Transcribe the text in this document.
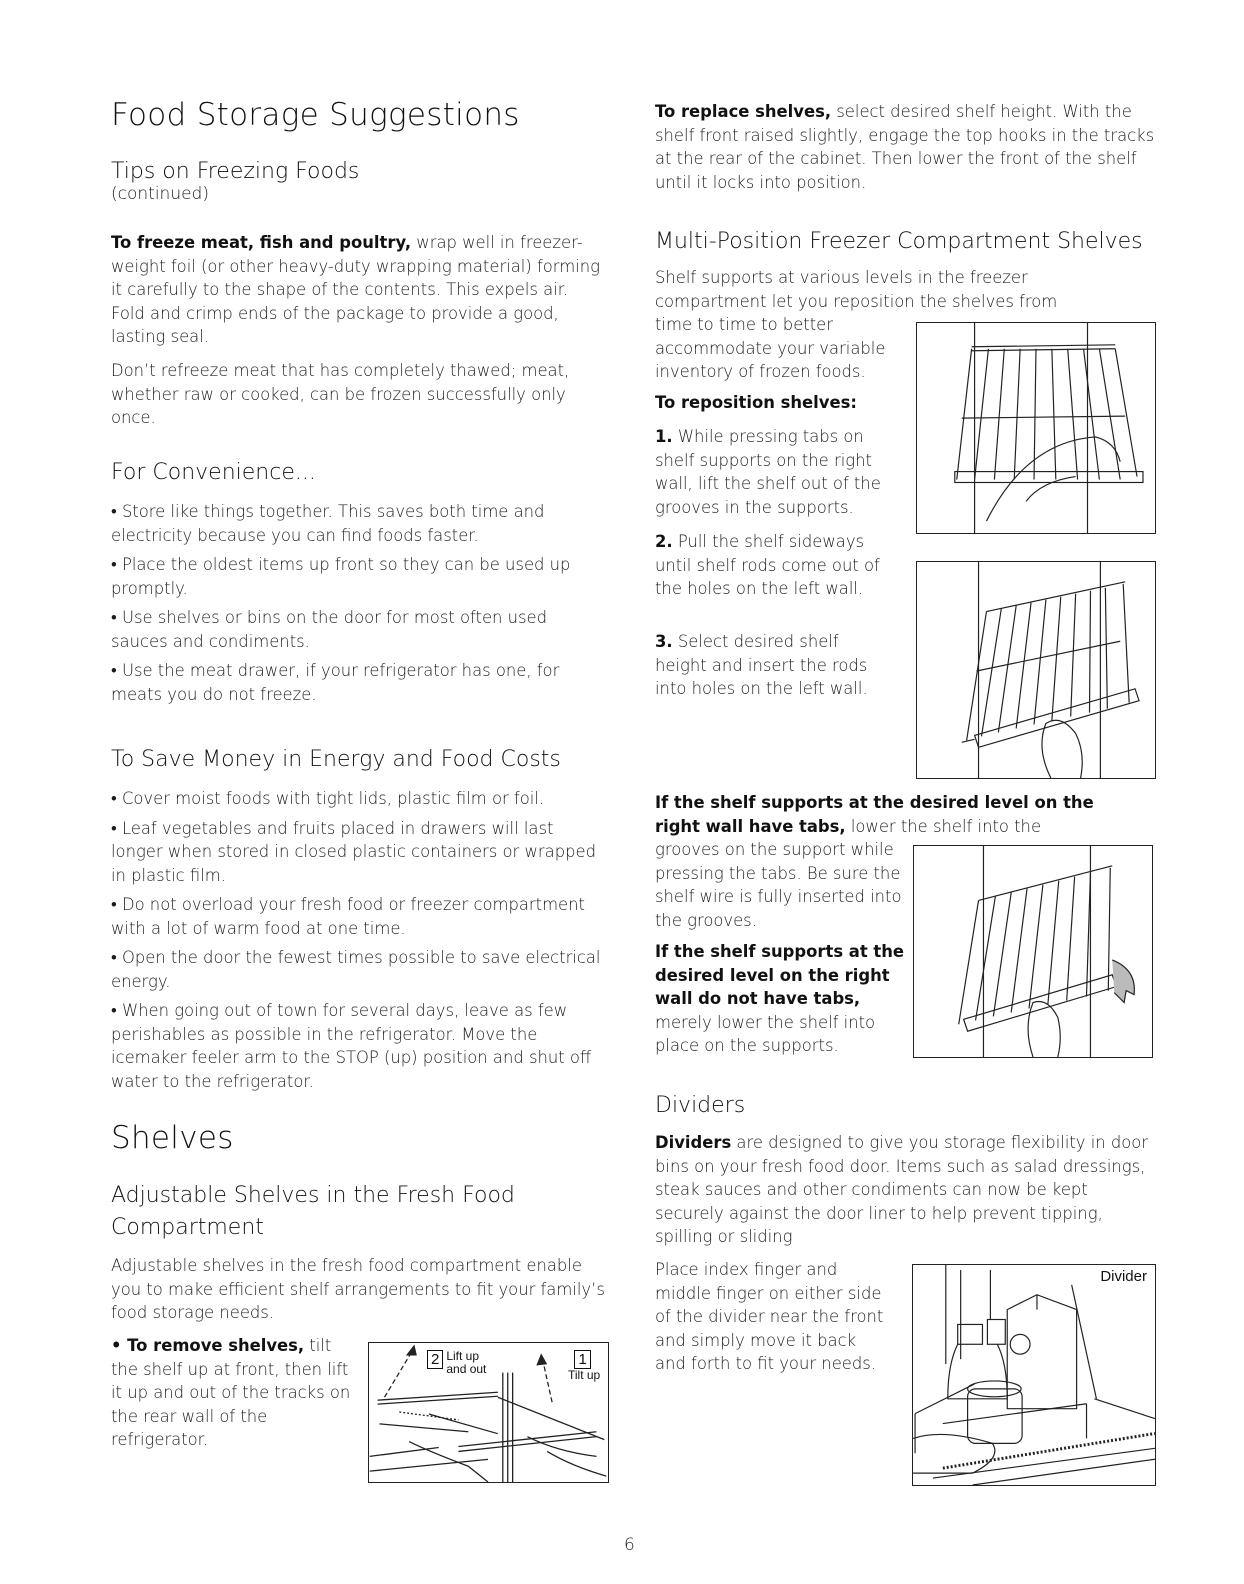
Food Storage Suggestions
Tips on Freezing Foods
(continued)

To freeze meat, fish and poultry, wrap well in freezer-weight foil (or other heavy-duty wrapping material) forming it carefully to the shape of the contents. This expels air. Fold and crimp ends of the package to provide a good, lasting seal.

Don’t refreeze meat that has completely thawed; meat, whether raw or cooked, can be frozen successfully only once.

For Convenience...

• Store like things together. This saves both time and electricity because you can find foods faster.

• Place the oldest items up front so they can be used up promptly.

• Use shelves or bins on the door for most often used sauces and condiments.

• Use the meat drawer, if your refrigerator has one, for meats you do not freeze.

To Save Money in Energy and Food Costs

• Cover moist foods with tight lids, plastic film or foil.

• Leaf vegetables and fruits placed in drawers will last longer when stored in closed plastic containers or wrapped in plastic film.

• Do not overload your fresh food or freezer compartment with a lot of warm food at one time.

• Open the door the fewest times possible to save electrical energy.

• When going out of town for several days, leave as few perishables as possible in the refrigerator. Move the icemaker feeler arm to the STOP (up) position and shut off water to the refrigerator.

Shelves
Adjustable Shelves in the Fresh Food Compartment

Adjustable shelves in the fresh food compartment enable you to make efficient shelf arrangements to fit your family’s food storage needs.

• To remove shelves, tilt the shelf up at front, then lift it up and out of the tracks on the rear wall of the refrigerator.

2 Lift up
and out
1
Tilt up

To replace shelves, select desired shelf height. With the shelf front raised slightly, engage the top hooks in the tracks at the rear of the cabinet. Then lower the front of the shelf until it locks into position.

Multi-Position Freezer Compartment Shelves

Shelf supports at various levels in the freezer compartment let you reposition the shelves from

time to time to better accommodate your variable inventory of frozen foods.

To reposition shelves:

1. While pressing tabs on shelf supports on the right wall, lift the shelf out of the grooves in the supports.

2. Pull the shelf sideways until shelf rods come out of the holes on the left wall.

3. Select desired shelf height and insert the rods into holes on the left wall.

If the shelf supports at the desired level on the right wall have tabs, lower the shelf into the

grooves on the support while pressing the tabs. Be sure the shelf wire is fully inserted into the grooves.

If the shelf supports at the desired level on the right wall do not have tabs, merely lower the shelf into place on the supports.

Dividers

Dividers are designed to give you storage flexibility in door bins on your fresh food door. Items such as salad dressings, steak sauces and other condiments can now be kept securely against the door liner to help prevent tipping, spilling or sliding

Place index finger and middle finger on either side of the divider near the front and simply move it back and forth to fit your needs.

Divider
6
